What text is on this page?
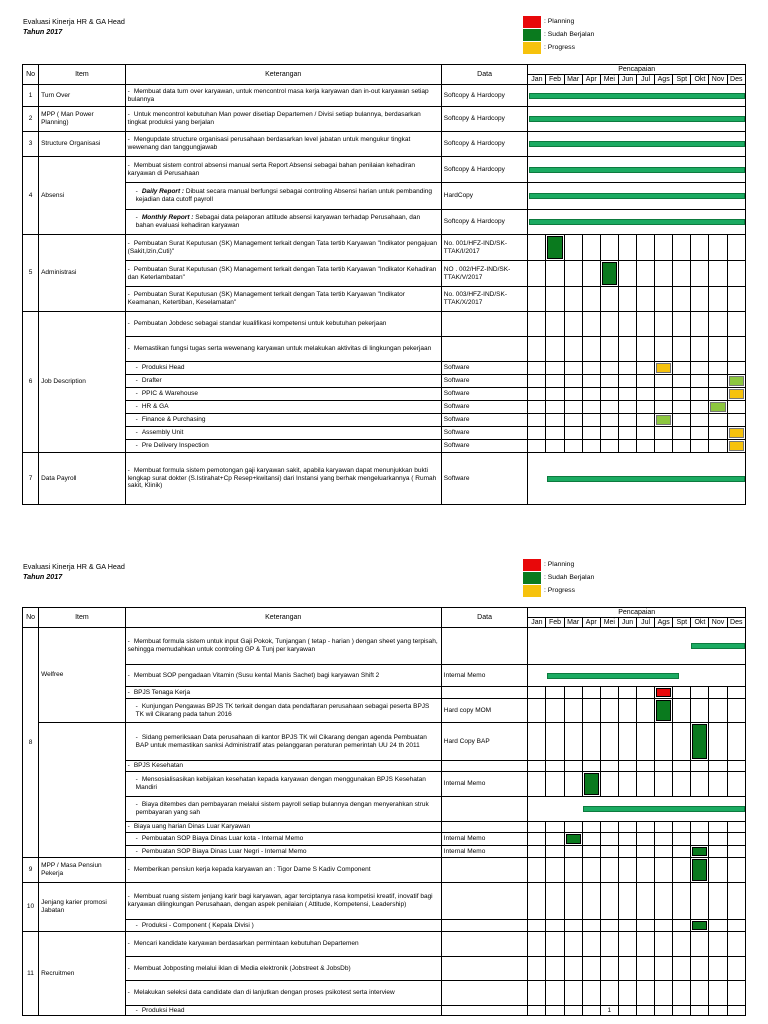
Evaluasi Kinerja HR & GA Head
Tahun 2017
: Planning
: Sudah Berjalan
: Progress
No	Item	Keterangan	Data	Pencapaian											
				Jan	Feb	Mar	Apr	Mei	Jun	Jul	Ags	Spt	Okt	Nov	Des
1	Turn Over	- Membuat data turn over karyawan, untuk mencontrol masa kerja karyawan dan in-out karyawan setiap bulannya	Softcopy & Hardcopy												

2	MPP ( Man Power Planning)	- Untuk mencontrol kebutuhan Man power disetiap Departemen / Divisi setiap bulannya, berdasarkan tingkat produksi yang berjalan	Softcopy & Hardcopy												

3	Structure Organisasi	- Mengupdate structure organisasi perusahaan berdasarkan level jabatan untuk mengukur tingkat wewenang dan tanggungjawab	Softcopy & Hardcopy												

4	Absensi	- Membuat sistem control absensi manual serta Report Absensi sebagai bahan penilaian kehadiran karyawan di Perusahaan	Softcopy & Hardcopy												

- Daily Report : Dibuat secara manual berfungsi sebagai controling Absensi harian untuk pembanding kejadian data cutoff payroll	HardCopy												

- Monthly Report : Sebagai data pelaporan attitude absensi karyawan terhadap Perusahaan, dan bahan evaluasi kehadiran karyawan	Softcopy & Hardcopy												

5	Administrasi	- Pembuatan Surat Keputusan (SK) Management terkait dengan Tata tertib Karyawan "Indikator pengajuan (Sakit,Izin,Cuti)"	No. 001/HFZ-IND/SK-TTAK/I/2017		

		- Pembuatan Surat Keputusan (SK) Management terkait dengan Tata tertib Karyawan "Indikator Kehadiran dan Keterlambatan"	NO . 002/HFZ-IND/SK-TTAK/V/2017					

		- Pembuatan Surat Keputusan (SK) Management terkait dengan Tata tertib Karyawan "Indikator Keamanan, Ketertiban, Keselamatan"	No. 003/HFZ-IND/SK-TTAK/X/2017												
6	Job Description	- Pembuatan Jobdesc sebagai standar kualifikasi kompetensi untuk kebutuhan pekerjaan													
		- Memastikan fungsi tugas serta wewenang karyawan untuk melakukan aktivitas di lingkungan pekerjaan													
		- Produksi Head	Software								

		- Drafter	Software												

		- PPIC & Warehouse	Software												

		- HR & GA	Software											

		- Finance & Purchasing	Software								

		- Assembly Unit	Software												

		- Pre Delivery Inspection	Software												

7	Data Payroll	- Membuat formula sistem pemotongan gaji karyawan sakit, apabila karyawan dapat menunjukkan bukti lengkap surat dokter (S.Istirahat+Cp Resep+kwitansi) dari Instansi yang berhak mengeluarkannya ( Rumah sakit, Klinik)	Software												
Evaluasi Kinerja HR & GA Head
Tahun 2017
: Planning
: Sudah Berjalan
: Progress
No	Item	Keterangan	Data	Pencapaian											
				Jan	Feb	Mar	Apr	Mei	Jun	Jul	Ags	Spt	Okt	Nov	Des
8	Welfree	- Membuat formula sistem untuk input Gaji Pokok, Tunjangan ( tetap - harian ) dengan sheet yang terpisah, sehingga memudahkan untuk controling GP & Tunj per karyawan		

		- Membuat SOP pengadaan Vitamin (Susu kental Manis Sachet) bagi karyawan Shift 2	Internal Memo												

		- BPJS Tenaga Kerja									

		- Kunjungan Pengawas BPJS TK terkait dengan data pendaftaran perusahaan sebagai peserta BPJS TK wil Cikarang pada tahun 2016	Hard copy MOM								

		- Sidang pemeriksaan Data perusahaan di kantor BPJS TK wil Cikarang dengan agenda Pembuatan BAP untuk memastikan sanksi Administratif atas pelanggaran peraturan pemerintah UU 24 th 2011	Hard Copy BAP										

		- BPJS Kesehatan													
		- Mensosialisasikan kebijakan kesehatan kepada karyawan dengan menggunakan BPJS Kesehatan Mandiri	Internal Memo				

		- Biaya ditembes dan pembayaran melalui sistem payroll setiap bulannya dengan menyerahkan struk pembayaran yang sah		

		- Biaya uang harian Dinas Luar Karyawan													
		- Pembuatan SOP Biaya Dinas Luar kota - Internal Memo	Internal Memo			

		- Pembuatan SOP Biaya Dinas Luar Negri - Internal Memo	Internal Memo										

9	MPP / Masa Pensiun Pekerja	- Memberikan pensiun kerja kepada karyawan an : Tigor Dame S Kadiv Component											

10	Jenjang karier promosi Jabatan	- Membuat ruang sistem jenjang karir bagi karyawan, agar terciptanya rasa kompetisi kreatif, inovatif bagi karyawan dilingkungan Perusahaan, dengan aspek penilaian ( Attitude, Kompetensi, Leadership)													
		- Produksi - Component ( Kepala Divisi )											

11	Recruitmen	- Mencari kandidate karyawan berdasarkan permintaan kebutuhan Departemen													
		- Membuat Jobposting melalui iklan di Media elektronik (Jobstreet & JobsDb)													
		- Melakukan seleksi data candidate dan di lanjutkan dengan proses psikotest serta interview													
		- Produksi Head						1							
